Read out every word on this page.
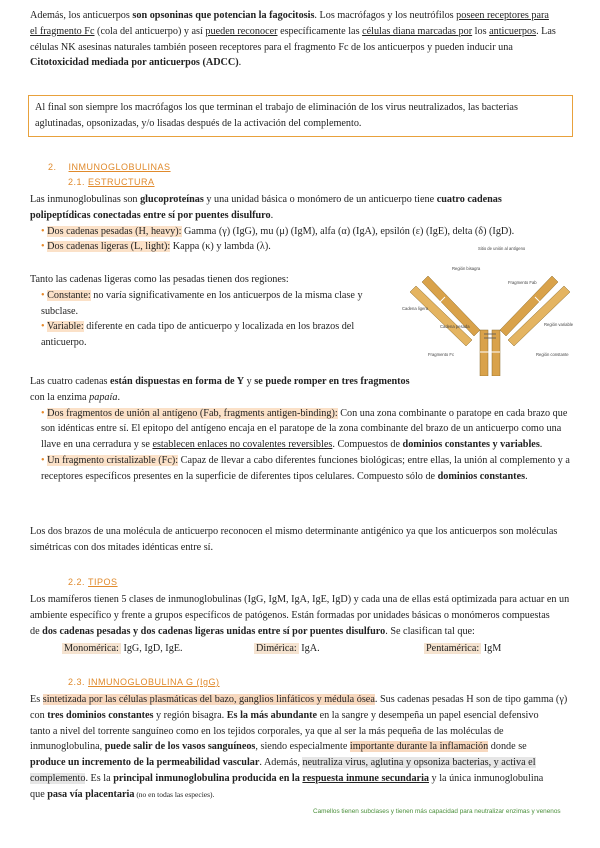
Además, los anticuerpos son opsoninas que potencian la fagocitosis. Los macrófagos y los neutrófilos poseen receptores para

el fragmento Fc (cola del anticuerpo) y así pueden reconocer específicamente las células diana marcadas por los anticuerpos. Las

células NK asesinas naturales también poseen receptores para el fragmento Fc de los anticuerpos y pueden inducir una

Citotoxicidad mediada por anticuerpos (ADCC).

Al final son siempre los macrófagos los que terminan el trabajo de eliminación de los virus neutralizados, las bacterias aglutinadas, opsonizadas, y/o lisadas después de la activación del complemento.

2. INMUNOGLOBULINAS
2.1. ESTRUCTURA

Las inmunoglobulinas son glucoproteínas y una unidad básica o monómero de un anticuerpo tiene cuatro cadenas

polipeptídicas conectadas entre sí por puentes disulfuro.

• Dos cadenas pesadas (H, heavy): Gamma (γ) (IgG), mu (μ) (IgM), alfa (α) (IgA), epsilón (ε) (IgE), delta (δ) (IgD).

• Dos cadenas ligeras (L, light): Kappa (κ) y lambda (λ).

Tanto las cadenas ligeras como las pesadas tienen dos regiones:

• Constante: no varía significativamente en los anticuerpos de la misma clase y subclase.

• Variable: diferente en cada tipo de anticuerpo y localizada en los brazos del anticuerpo.

Sitio de unión al antígeno
Región bisagra
Fragmento Fab
Región variable
Cadena ligera
Cadena pesada
Fragmento Fc	Región constante

Las cuatro cadenas están dispuestas en forma de Y y se puede romper en tres fragmentos

con la enzima papaía.

• Dos fragmentos de unión al antígeno (Fab, fragments antigen-binding): Con una zona combinante o paratope en cada brazo que son idénticas entre sí. El epitopo del antígeno encaja en el paratope de la zona combinante del brazo de un anticuerpo como una llave en una cerradura y se establecen enlaces no covalentes reversibles. Compuestos de dominios constantes y variables.

• Un fragmento cristalizable (Fc): Capaz de llevar a cabo diferentes funciones biológicas; entre ellas, la unión al complemento y a receptores específicos presentes en la superficie de diferentes tipos celulares. Compuesto sólo de dominios constantes.

Los dos brazos de una molécula de anticuerpo reconocen el mismo determinante antigénico ya que los anticuerpos son moléculas simétricas con dos mitades idénticas entre sí.

2.2. TIPOS

Los mamíferos tienen 5 clases de inmunoglobulinas (IgG, IgM, IgA, IgE, IgD) y cada una de ellas está optimizada para actuar en un ambiente específico y frente a grupos específicos de patógenos. Están formadas por unidades básicas o monómeros compuestas

de dos cadenas pesadas y dos cadenas ligeras unidas entre sí por puentes disulfuro. Se clasifican tal que:

Monomérica: IgG, IgD, IgE.	Dimérica: IgA.	Pentamérica: IgM
2.3. INMUNOGLOBULINA G (IgG)

Es sintetizada por las células plasmáticas del bazo, ganglios linfáticos y médula ósea. Sus cadenas pesadas H son de tipo gamma (γ)

con tres dominios constantes y región bisagra. Es la más abundante en la sangre y desempeña un papel esencial defensivo

tanto a nivel del torrente sanguíneo como en los tejidos corporales, ya que al ser la más pequeña de las moléculas de

inmunoglobulina, puede salir de los vasos sanguíneos, siendo especialmente importante durante la inflamación donde se

produce un incremento de la permeabilidad vascular. Además, neutraliza virus, aglutina y opsoniza bacterias, y activa el

complemento. Es la principal inmunoglobulina producida en la respuesta inmune secundaria y la única inmunoglobulina

que pasa vía placentaria (no en todas las especies).

Camellos tienen subclases y tienen más capacidad para neutralizar enzimas y venenos
